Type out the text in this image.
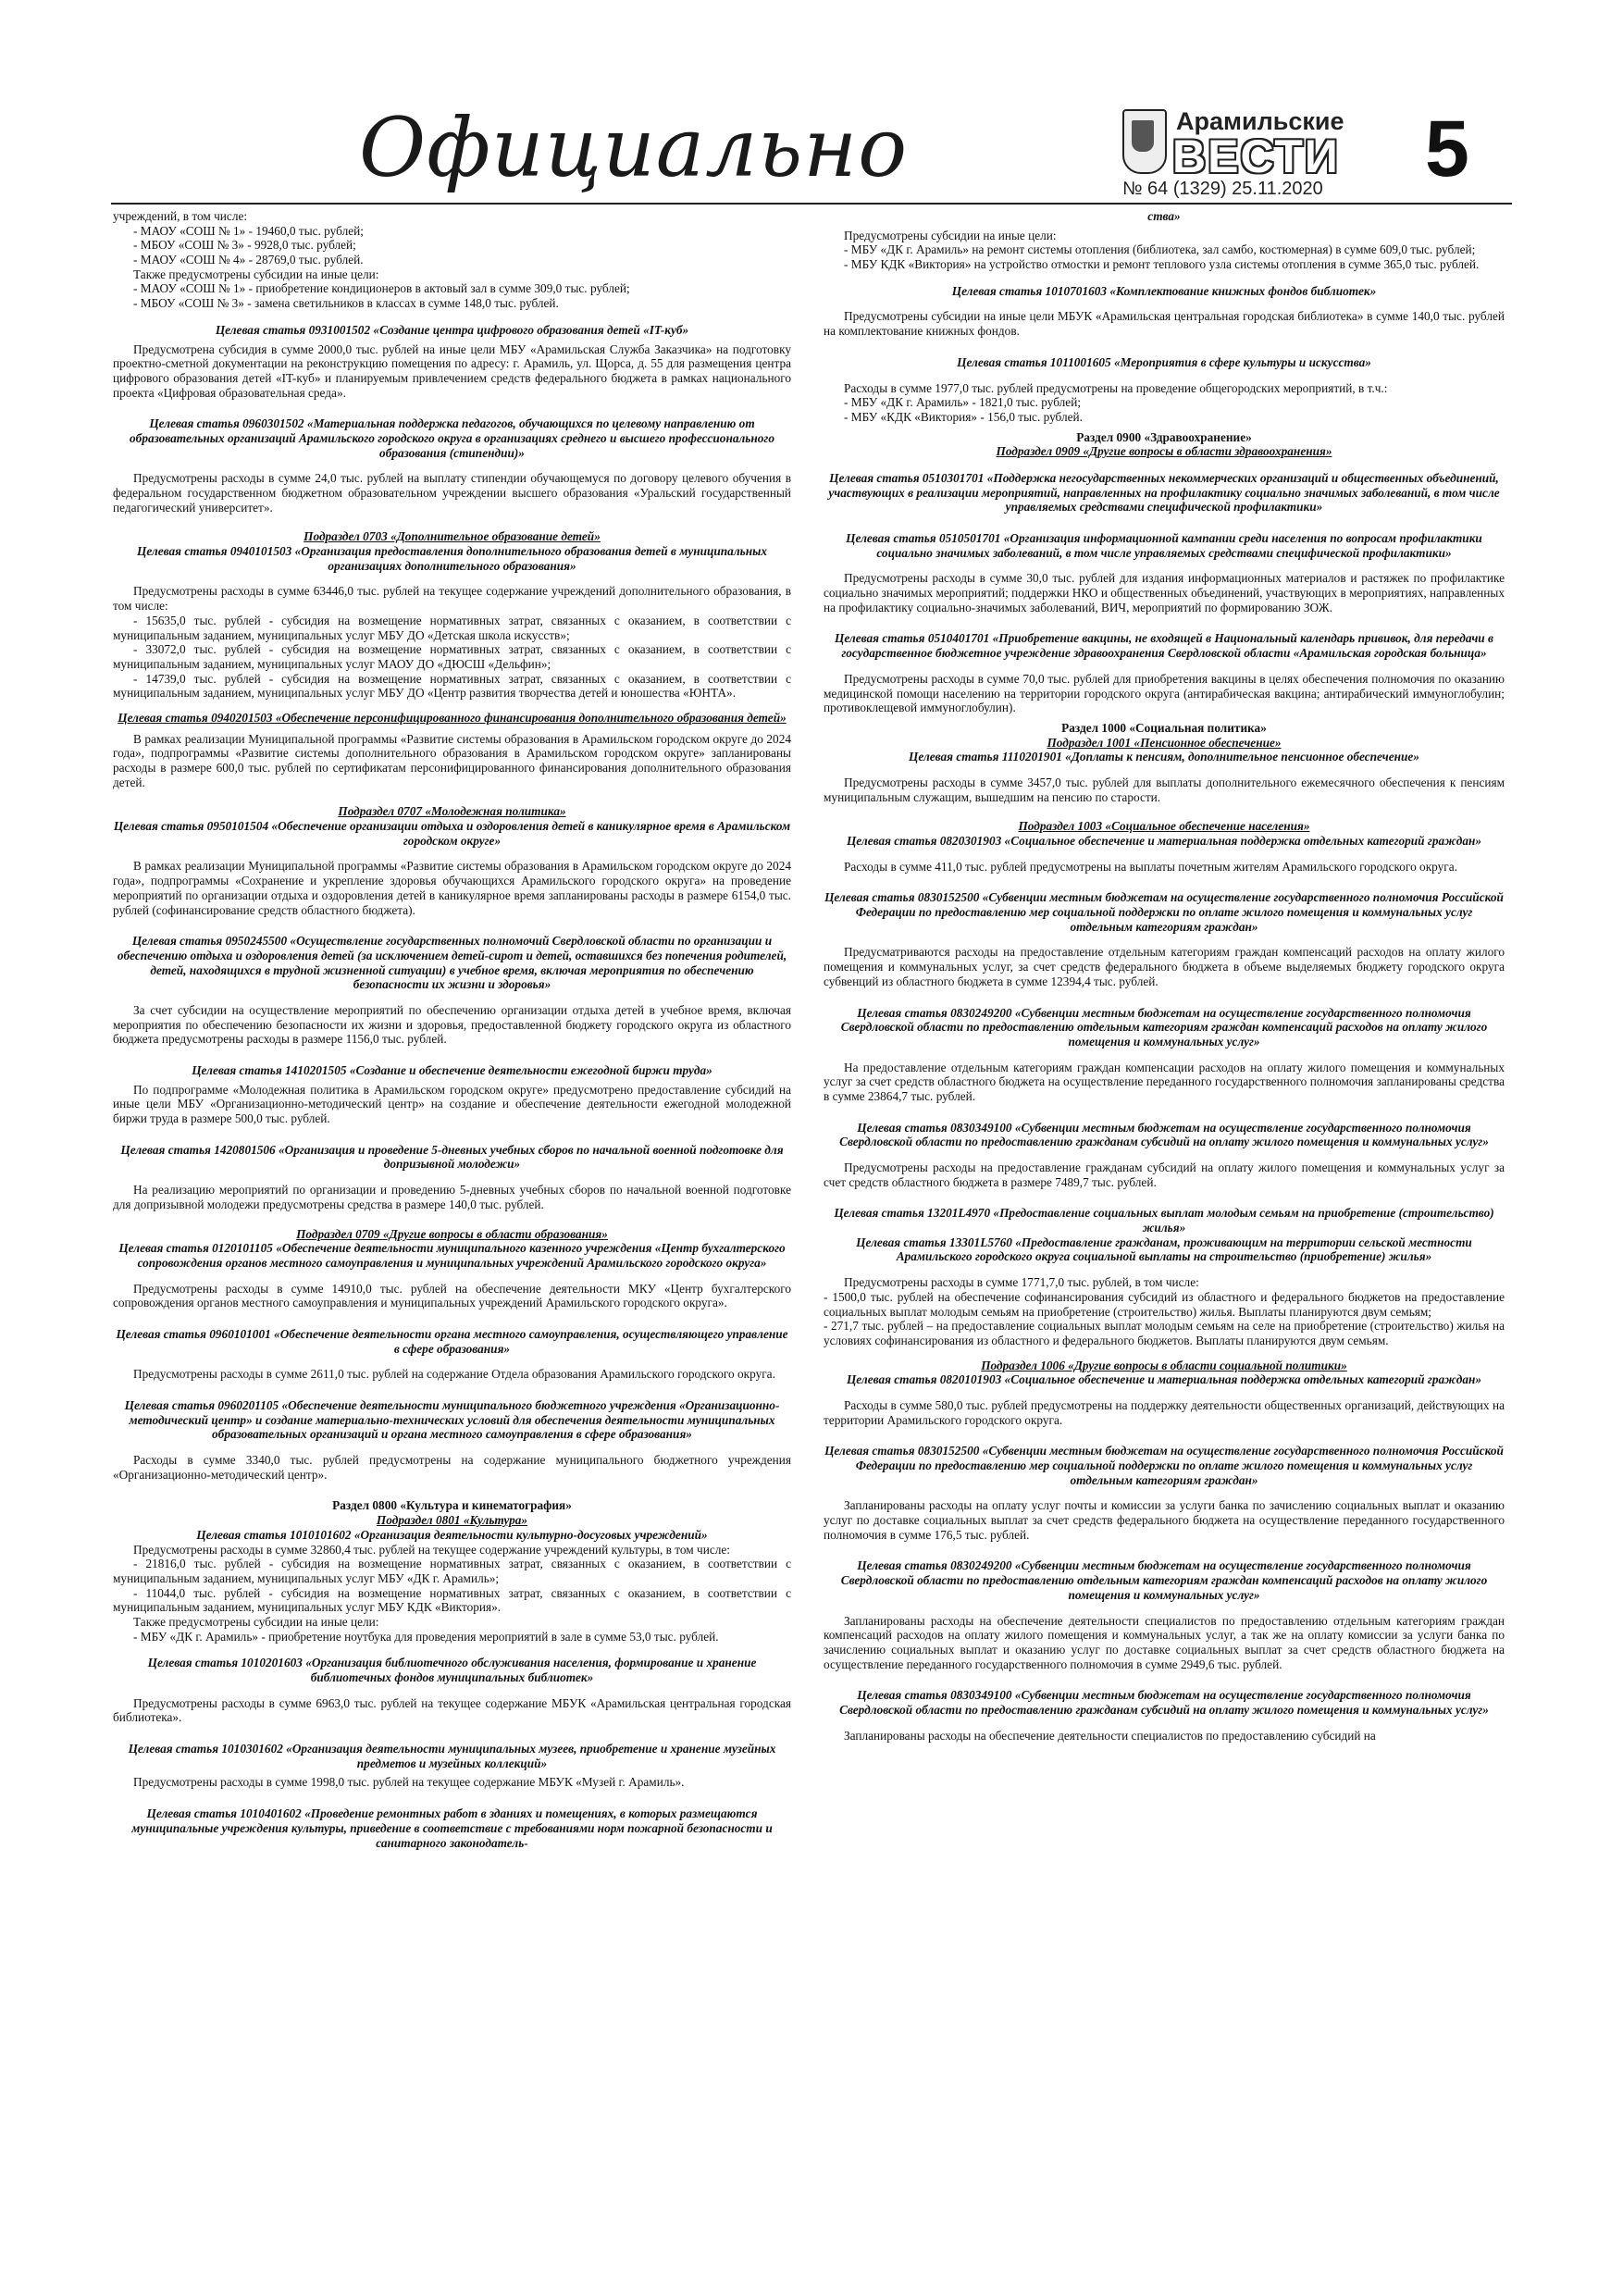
Официально	Арамильские
ВЕСТИ
№ 64 (1329) 25.11.2020 5
учреждений, в том числе:
- МАОУ «СОШ № 1» - 19460,0 тыс. рублей;
- МБОУ «СОШ № 3» - 9928,0 тыс. рублей;
- МАОУ «СОШ № 4» - 28769,0 тыс. рублей.
Также предусмотрены субсидии на иные цели:
- МАОУ «СОШ № 1» - приобретение кондиционеров в актовый зал в сумме 309,0 тыс. рублей;
- МБОУ «СОШ № 3» - замена светильников в классах в сумме 148,0 тыс. рублей.

Целевая статья 0931001502 «Создание центра цифрового образования детей «IT-куб»

Предусмотрена субсидия в сумме 2000,0 тыс. рублей на иные цели МБУ «Арамильская Служба Заказчика» на подготовку проектно-сметной документации на реконструкцию помещения по адресу: г. Арамиль, ул. Щорса, д. 55 для размещения центра цифрового образования детей «IT-куб» и планируемым привлечением средств федерального бюджета в рамках национального проекта «Цифровая образовательная среда».

Целевая статья 0960301502 «Материальная поддержка педагогов, обучающихся по целевому направлению от образовательных организаций Арамильского городского округа в организациях среднего и высшего профессионального образования (стипендии)»

Предусмотрены расходы в сумме 24,0 тыс. рублей на выплату стипендии обучающемуся по договору целевого обучения в федеральном государственном бюджетном образовательном учреждении высшего образования «Уральский государственный педагогический университет».

Подраздел 0703 «Дополнительное образование детей»

Целевая статья 0940101503 «Организация предоставления дополнительного образования детей в муниципальных организациях дополнительного образования»

Предусмотрены расходы в сумме 63446,0 тыс. рублей на текущее содержание учреждений дополнительного образования, в том числе:
- 15635,0 тыс. рублей - субсидия на возмещение нормативных затрат, связанных с оказанием, в соответствии с муниципальным заданием, муниципальных услуг МБУ ДО «Детская школа искусств»;
- 33072,0 тыс. рублей - субсидия на возмещение нормативных затрат, связанных с оказанием, в соответствии с муниципальным заданием, муниципальных услуг МАОУ ДО «ДЮСШ «Дельфин»;
- 14739,0 тыс. рублей - субсидия на возмещение нормативных затрат, связанных с оказанием, в соответствии с муниципальным заданием, муниципальных услуг МБУ ДО «Центр развития творчества детей и юношества «ЮНТА».

Целевая статья 0940201503 «Обеспечение персонифицированного финансирования дополнительного образования детей»

В рамках реализации Муниципальной программы «Развитие системы образования в Арамильском городском округе до 2024 года», подпрограммы «Развитие системы дополнительного образования в Арамильском городском округе» запланированы расходы в размере 600,0 тыс. рублей по сертификатам персонифицированного финансирования дополнительного образования детей.

Подраздел 0707 «Молодежная политика»

Целевая статья 0950101504 «Обеспечение организации отдыха и оздоровления детей в каникулярное время в Арамильском городском округе»

В рамках реализации Муниципальной программы «Развитие системы образования в Арамильском городском округе до 2024 года», подпрограммы «Сохранение и укрепление здоровья обучающихся Арамильского городского округа» на проведение мероприятий по организации отдыха и оздоровления детей в каникулярное время запланированы расходы в размере 6154,0 тыс. рублей (софинансирование средств областного бюджета).

Целевая статья 0950245500 «Осуществление государственных полномочий Свердловской области по организации и обеспечению отдыха и оздоровления детей (за исключением детей-сирот и детей, оставшихся без попечения родителей, детей, находящихся в трудной жизненной ситуации) в учебное время, включая мероприятия по обеспечению безопасности их жизни и здоровья»

За счет субсидии на осуществление мероприятий по обеспечению организации отдыха детей в учебное время, включая мероприятия по обеспечению безопасности их жизни и здоровья, предоставленной бюджету городского округа из областного бюджета предусмотрены расходы в размере 1156,0 тыс. рублей.

Целевая статья 1410201505 «Создание и обеспечение деятельности ежегодной биржи труда»

По подпрограмме «Молодежная политика в Арамильском городском округе» предусмотрено предоставление субсидий на иные цели МБУ «Организационно-методический центр» на создание и обеспечение деятельности ежегодной молодежной биржи труда в размере 500,0 тыс. рублей.

Целевая статья 1420801506 «Организация и проведение 5-дневных учебных сборов по начальной военной подготовке для допризывной молодежи»

На реализацию мероприятий по организации и проведению 5-дневных учебных сборов по начальной военной подготовке для допризывной молодежи предусмотрены средства в размере 140,0 тыс. рублей.

Подраздел 0709 «Другие вопросы в области образования»

Целевая статья 0120101105 «Обеспечение деятельности муниципального казенного учреждения «Центр бухгалтерского сопровождения органов местного самоуправления и муниципальных учреждений Арамильского городского округа»

Предусмотрены расходы в сумме 14910,0 тыс. рублей на обеспечение деятельности МКУ «Центр бухгалтерского сопровождения органов местного самоуправления и муниципальных учреждений Арамильского городского округа».

Целевая статья 0960101001 «Обеспечение деятельности органа местного самоуправления, осуществляющего управление в сфере образования»

Предусмотрены расходы в сумме 2611,0 тыс. рублей на содержание Отдела образования Арамильского городского округа.

Целевая статья 0960201105 «Обеспечение деятельности муниципального бюджетного учреждения «Организационно-методический центр» и создание материально-технических условий для обеспечения деятельности муниципальных образовательных организаций и органа местного самоуправления в сфере образования»

Расходы в сумме 3340,0 тыс. рублей предусмотрены на содержание муниципального бюджетного учреждения «Организационно-методический центр».

Раздел 0800 «Культура и кинематография»

Подраздел 0801 «Культура»

Целевая статья 1010101602 «Организация деятельности культурно-досуговых учреждений»

Предусмотрены расходы в сумме 32860,4 тыс. рублей на текущее содержание учреждений культуры, в том числе:
- 21816,0 тыс. рублей - субсидия на возмещение нормативных затрат, связанных с оказанием, в соответствии с муниципальным заданием, муниципальных услуг МБУ «ДК г. Арамиль»;
- 11044,0 тыс. рублей - субсидия на возмещение нормативных затрат, связанных с оказанием, в соответствии с муниципальным заданием, муниципальных услуг МБУ КДК «Виктория».
Также предусмотрены субсидии на иные цели:
- МБУ «ДК г. Арамиль» - приобретение ноутбука для проведения мероприятий в зале в сумме 53,0 тыс. рублей.

Целевая статья 1010201603 «Организация библиотечного обслуживания населения, формирование и хранение библиотечных фондов муниципальных библиотек»

Предусмотрены расходы в сумме 6963,0 тыс. рублей на текущее содержание МБУК «Арамильская центральная городская библиотека».

Целевая статья 1010301602 «Организация деятельности муниципальных музеев, приобретение и хранение музейных предметов и музейных коллекций»

Предусмотрены расходы в сумме 1998,0 тыс. рублей на текущее содержание МБУК «Музей г. Арамиль».

Целевая статья 1010401602 «Проведение ремонтных работ в зданиях и помещениях, в которых размещаются муниципальные учреждения культуры, приведение в соответствие с требованиями норм пожарной безопасности и санитарного законодатель-

ства»

Предусмотрены субсидии на иные цели:
- МБУ «ДК г. Арамиль» на ремонт системы отопления (библиотека, зал самбо, костюмерная) в сумме 609,0 тыс. рублей;
- МБУ КДК «Виктория» на устройство отмостки и ремонт теплового узла системы отопления в сумме 365,0 тыс. рублей.

Целевая статья 1010701603 «Комплектование книжных фондов библиотек»

Предусмотрены субсидии на иные цели МБУК «Арамильская центральная городская библиотека» в сумме 140,0 тыс. рублей на комплектование книжных фондов.

Целевая статья 1011001605 «Мероприятия в сфере культуры и искусства»

Расходы в сумме 1977,0 тыс. рублей предусмотрены на проведение общегородских мероприятий, в т.ч.:
- МБУ «ДК г. Арамиль» - 1821,0 тыс. рублей;
- МБУ «КДК «Виктория» - 156,0 тыс. рублей.

Раздел 0900 «Здравоохранение»

Подраздел 0909 «Другие вопросы в области здравоохранения»

Целевая статья 0510301701 «Поддержка негосударственных некоммерческих организаций и общественных объединений, участвующих в реализации мероприятий, направленных на профилактику социально значимых заболеваний, в том числе управляемых средствами специфической профилактики»

Целевая статья 0510501701 «Организация информационной кампании среди населения по вопросам профилактики социально значимых заболеваний, в том числе управляемых средствами специфической профилактики»

Предусмотрены расходы в сумме 30,0 тыс. рублей для издания информационных материалов и растяжек по профилактике социально значимых мероприятий; поддержки НКО и общественных объединений, участвующих в мероприятиях, направленных на профилактику социально-значимых заболеваний, ВИЧ, мероприятий по формированию ЗОЖ.

Целевая статья 0510401701 «Приобретение вакцины, не входящей в Национальный календарь прививок, для передачи в государственное бюджетное учреждение здравоохранения Свердловской области «Арамильская городская больница»

Предусмотрены расходы в сумме 70,0 тыс. рублей для приобретения вакцины в целях обеспечения полномочия по оказанию медицинской помощи населению на территории городского округа (антирабическая вакцина; антирабический иммуноглобулин; противоклещевой иммуноглобулин).

Раздел 1000 «Социальная политика»

Подраздел 1001 «Пенсионное обеспечение»

Целевая статья 1110201901 «Доплаты к пенсиям, дополнительное пенсионное обеспечение»

Предусмотрены расходы в сумме 3457,0 тыс. рублей для выплаты дополнительного ежемесячного обеспечения к пенсиям муниципальным служащим, вышедшим на пенсию по старости.

Подраздел 1003 «Социальное обеспечение населения»

Целевая статья 0820301903 «Социальное обеспечение и материальная поддержка отдельных категорий граждан»

Расходы в сумме 411,0 тыс. рублей предусмотрены на выплаты почетным жителям Арамильского городского округа.

Целевая статья 0830152500 «Субвенции местным бюджетам на осуществление государственного полномочия Российской Федерации по предоставлению мер социальной поддержки по оплате жилого помещения и коммунальных услуг отдельным категориям граждан»

Предусматриваются расходы на предоставление отдельным категориям граждан компенсаций расходов на оплату жилого помещения и коммунальных услуг, за счет средств федерального бюджета в объеме выделяемых бюджету городского округа субвенций из областного бюджета в сумме 12394,4 тыс. рублей.

Целевая статья 0830249200 «Субвенции местным бюджетам на осуществление государственного полномочия Свердловской области по предоставлению отдельным категориям граждан компенсаций расходов на оплату жилого помещения и коммунальных услуг»

На предоставление отдельным категориям граждан компенсации расходов на оплату жилого помещения и коммунальных услуг за счет средств областного бюджета на осуществление переданного государственного полномочия запланированы средства в сумме 23864,7 тыс. рублей.

Целевая статья 0830349100 «Субвенции местным бюджетам на осуществление государственного полномочия Свердловской области по предоставлению гражданам субсидий на оплату жилого помещения и коммунальных услуг»

Предусмотрены расходы на предоставление гражданам субсидий на оплату жилого помещения и коммунальных услуг за счет средств областного бюджета в размере 7489,7 тыс. рублей.

Целевая статья 13201L4970 «Предоставление социальных выплат молодым семьям на приобретение (строительство) жилья»

Целевая статья 13301L5760 «Предоставление гражданам, проживающим на территории сельской местности Арамильского городского округа социальной выплаты на строительство (приобретение) жилья»

Предусмотрены расходы в сумме 1771,7,0 тыс. рублей, в том числе:
- 1500,0 тыс. рублей на обеспечение софинансирования субсидий из областного и федерального бюджетов на предоставление социальных выплат молодым семьям на приобретение (строительство) жилья. Выплаты планируются двум семьям;
- 271,7 тыс. рублей – на предоставление социальных выплат молодым семьям на селе на приобретение (строительство) жилья на условиях софинансирования из областного и федерального бюджетов. Выплаты планируются двум семьям.

Подраздел 1006 «Другие вопросы в области социальной политики»

Целевая статья 0820101903 «Социальное обеспечение и материальная поддержка отдельных категорий граждан»

Расходы в сумме 580,0 тыс. рублей предусмотрены на поддержку деятельности общественных организаций, действующих на территории Арамильского городского округа.

Целевая статья 0830152500 «Субвенции местным бюджетам на осуществление государственного полномочия Российской Федерации по предоставлению мер социальной поддержки по оплате жилого помещения и коммунальных услуг отдельным категориям граждан»

Запланированы расходы на оплату услуг почты и комиссии за услуги банка по зачислению социальных выплат и оказанию услуг по доставке социальных выплат за счет средств федерального бюджета на осуществление переданного государственного полномочия в сумме 176,5 тыс. рублей.

Целевая статья 0830249200 «Субвенции местным бюджетам на осуществление государственного полномочия Свердловской области по предоставлению отдельным категориям граждан компенсаций расходов на оплату жилого помещения и коммунальных услуг»

Запланированы расходы на обеспечение деятельности специалистов по предоставлению отдельным категориям граждан компенсаций расходов на оплату жилого помещения и коммунальных услуг, а так же на оплату комиссии за услуги банка по зачислению социальных выплат и оказанию услуг по доставке социальных выплат за счет средств областного бюджета на осуществление переданного государственного полномочия в сумме 2949,6 тыс. рублей.

Целевая статья 0830349100 «Субвенции местным бюджетам на осуществление государственного полномочия Свердловской области по предоставлению гражданам субсидий на оплату жилого помещения и коммунальных услуг»

Запланированы расходы на обеспечение деятельности специалистов по предоставлению субсидий на
